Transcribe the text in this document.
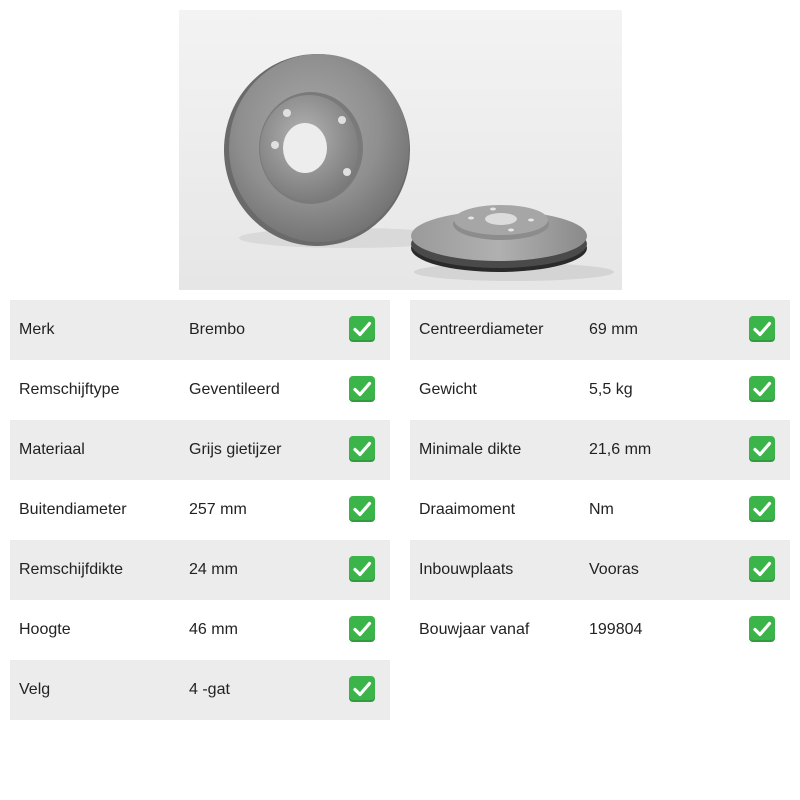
Merk	Brembo
Remschijftype	Geventileerd
Materiaal	Grijs gietijzer
Buitendiameter	257 mm
Remschijfdikte	24 mm
Hoogte	46 mm
Velg	4 -gat
Centreerdiameter	69 mm
Gewicht	5,5 kg
Minimale dikte	21,6 mm
Draaimoment	Nm
Inbouwplaats	Vooras
Bouwjaar vanaf	199804
